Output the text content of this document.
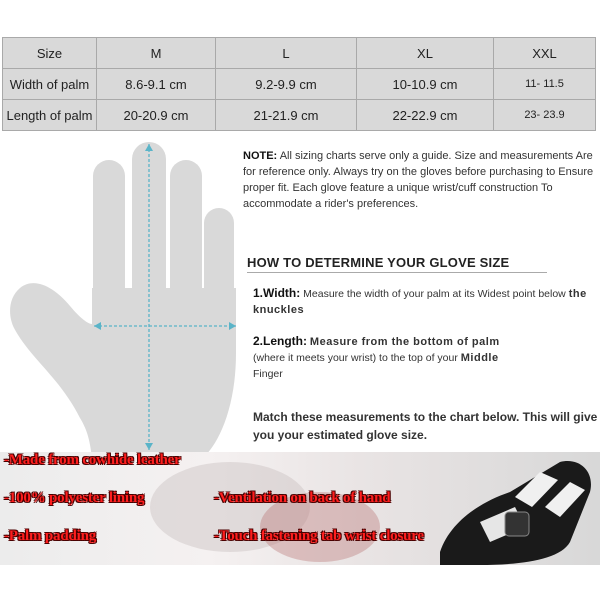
Size	M	L	XL	XXL
Width of palm	8.6-9.1 cm	9.2-9.9 cm	10-10.9 cm	11- 11.5
Length of palm	20-20.9 cm	21-21.9 cm	22-22.9 cm	23- 23.9

NOTE: All sizing charts serve only a guide. Size and measurements Are for reference only. Always try on the gloves before purchasing to Ensure proper fit. Each glove feature a unique wrist/cuff construction To accommodate a rider's preferences.

HOW TO DETERMINE YOUR GLOVE SIZE
1.Width: Measure the width of your palm at its Widest point below the knuckles
2.Length: Measure from the bottom of palm
(where it meets your wrist) to the top of your Middle
Finger
Match these measurements to the chart below. This will give you your estimated glove size.
-Made from cowhide leather
-100% polyester lining	-Ventilation on back of hand
-Palm padding	-Touch fastening tab wrist closure
